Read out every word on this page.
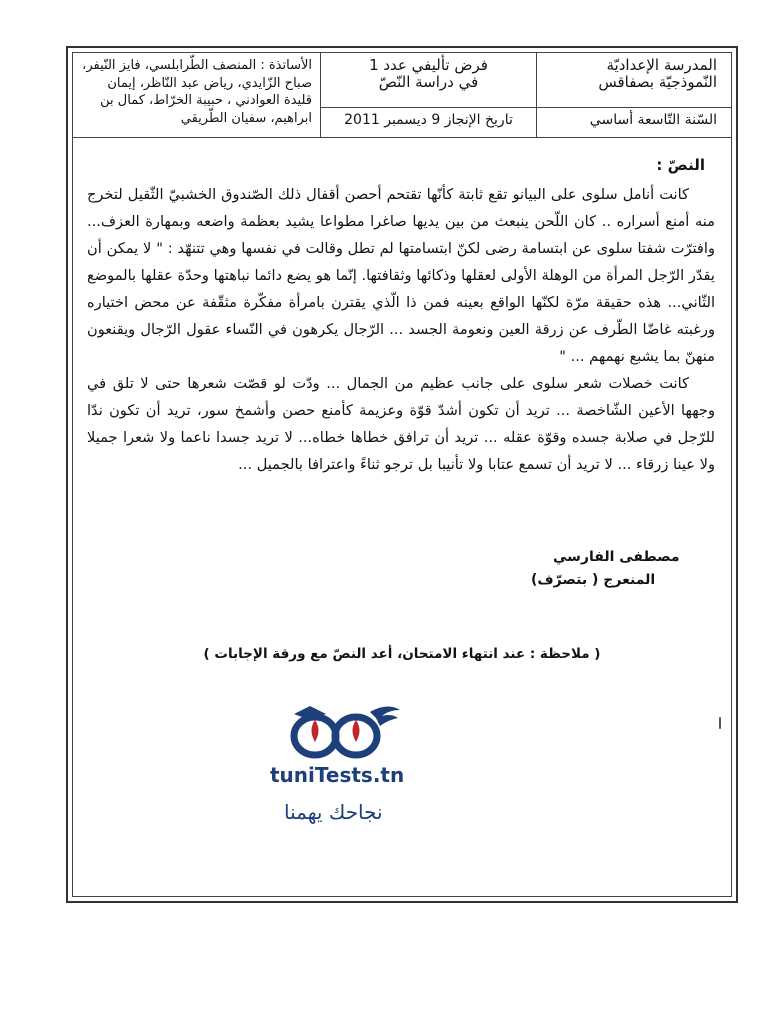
المدرسة الإعداديّة
النّموذجيّة بصفاقس
السّنة التّاسعة أساسي
فرض تأليفي عدد 1
في دراسة النّصّ
تاريخ الإنجاز 9 ديسمبر 2011
الأساتذة : المنصف الطّرابلسي، فايز النّيفر،
صباح الزّايدي، رياض عبد النّاظر، إيمان
قليدة العوادني ، حبيبة الخرّاط، كمال بن
ابراهيم، سفيان الطّريقي
النصّ :

كانت أنامل سلوى على البيانو تقع ثابتة كأنّها تقتحم أحصن أقفال ذلك الصّندوق الخشبيّ الثّقيل لتخرج منه أمنع أسراره .. كان اللّحن ينبعث من بين يديها صاغرا مطواعا يشيد بعظمة واضعه وبمهارة العزف... وافترّت شفتا سلوى عن ابتسامة رضى لكنّ ابتسامتها لم تطل وقالت في نفسها وهي تتنهّد : " لا يمكن أن يقدّر الرّجل المرأة من الوهلة الأولى لعقلها وذكائها وثقافتها. إنّما هو يضع دائما نباهتها وحدّة عقلها بالموضع الثّاني... هذه حقيقة مرّة لكنّها الواقع بعينه فمن ذا الّذي يقترن بامرأة مفكّرة مثقّفة عن محض اختياره ورغبته غاضّا الطّرف عن زرقة العين ونعومة الجسد ... الرّجال يكرهون في النّساء عقول الرّجال ويقنعون منهنّ بما يشبع نهمهم ... "

كانت خصلات شعر سلوى على جانب عظيم من الجمال ... ودّت لو قصّت شعرها حتى لا تلق في وجهها الأعين الشّاخصة ... تريد أن تكون أشدّ قوّة وعزيمة كأمنع حصن وأشمخ سور، تريد أن تكون ندّا للرّجل في صلابة جسده وقوّة عقله ... تريد أن ترافق خطاها خطاه... لا تريد جسدا ناعما ولا شعرا جميلا ولا عينا زرقاء ... لا تريد أن تسمع عتابا ولا تأنيبا بل ترجو ثناءً واعترافا بالجميل ...

مصطفى الفارسي
المنعرج ( بتصرّف)
( ملاحظة : عند انتهاء الامتحان، أعد النصّ مع ورقة الإجابات )
tuniTests.tn
نجاحك يهمنا
